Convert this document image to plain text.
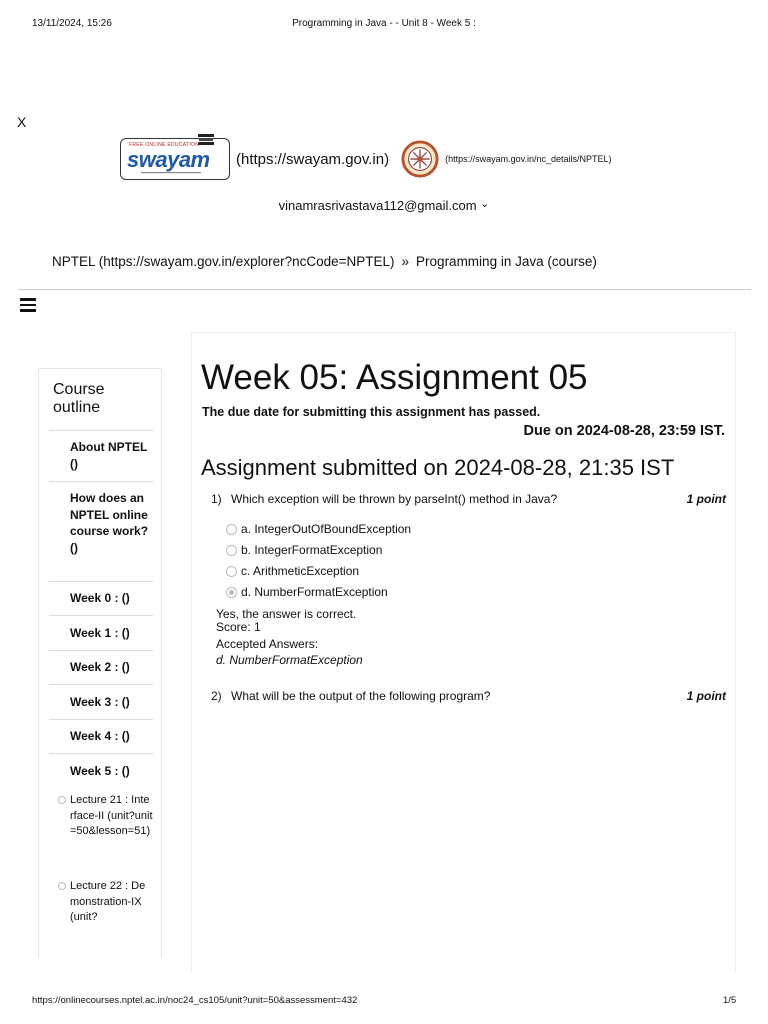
13/11/2024, 15:26	Programming in Java - - Unit 8 - Week 5 :
X
FREE ONLINE EDUCATION
swayam (https://swayam.gov.in)	(https://swayam.gov.in/nc_details/NPTEL)
vinamrasrivastava112@gmail.com ⌄
NPTEL (https://swayam.gov.in/explorer?ncCode=NPTEL) » Programming in Java (course)
Course
outline
About NPTEL ()
How does an NPTEL online course work? ()
Week 0 : ()
Week 1 : ()
Week 2 : ()
Week 3 : ()
Week 4 : ()
Week 5 : ()
Lecture 21 : Interface-II (unit?unit=50&lesson=51)
Lecture 22 : Demonstration-IX (unit?
Week 05: Assignment 05
The due date for submitting this assignment has passed.
Due on 2024-08-28, 23:59 IST.
Assignment submitted on 2024-08-28, 21:35 IST
1) Which exception will be thrown by parseInt() method in Java?	1 point
a. IntegerOutOfBoundException
b. IntegerFormatException
c. ArithmeticException
d. NumberFormatException
Yes, the answer is correct.
Score: 1
Accepted Answers:
d. NumberFormatException
2) What will be the output of the following program?	1 point
https://onlinecourses.nptel.ac.in/noc24_cs105/unit?unit=50&assessment=432	1/5
